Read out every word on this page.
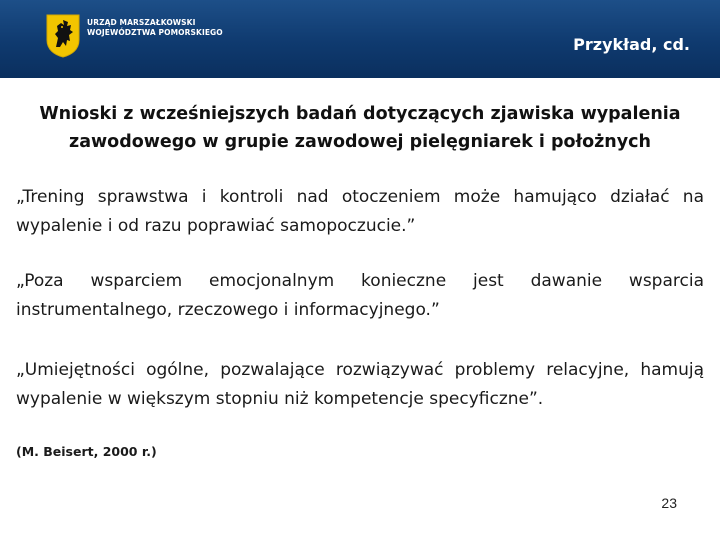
URZĄD MARSZAŁKOWSKI
WOJEWÓDZTWA POMORSKIEGO
Przykład, cd.
Wnioski z wcześniejszych badań dotyczących zjawiska wypalenia zawodowego w grupie zawodowej pielęgniarek i położnych
„Trening sprawstwa i kontroli nad otoczeniem może hamująco działać na wypalenie i od razu poprawiać samopoczucie.”
„Poza wsparciem emocjonalnym konieczne jest dawanie wsparcia instrumentalnego, rzeczowego i informacyjnego.”
„Umiejętności ogólne, pozwalające rozwiązywać problemy relacyjne, hamują wypalenie w większym stopniu niż kompetencje specyficzne”.
(M. Beisert, 2000 r.)
23
